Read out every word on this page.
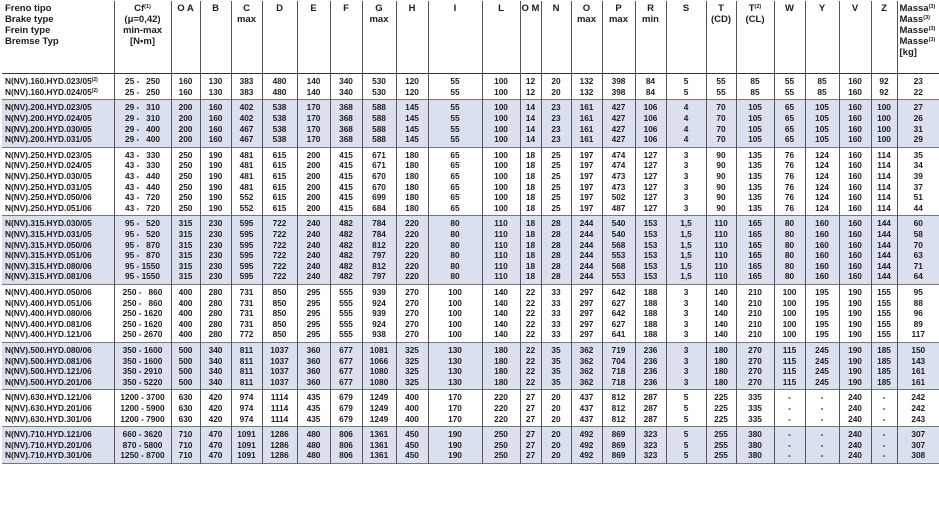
Freno tipo
Brake type
Frein type
Bremse Typ	Cf$^{(1)}$
(μ=0,42)
min-max
[N•m]	O A	B	C
max	D	E	F	G
max	H	I	L	O M	N	O
max	P
max	R
min	S	T
(CD)	$T^{(2)}$
(CL)	W	Y	V	Z	Massa$^{(3)}$
Mass$^{(3)}$
Masse$^{(3)}$
Masse$^{(3)}$
[kg]

N(NV).160.HYD.023/05$^{(2)}$	25 -   250	160	130	383	480	140	340	530	120	55	100	12	20	132	398	84	5	55	85	55	85	160	92	23
N(NV).160.HYD.024/05$^{(2)}$	25 -   250	160	130	383	480	140	340	530	120	55	100	12	20	132	398	84	5	55	85	55	85	160	92	22
N(NV).200.HYD.023/05	29 -   310	200	160	402	538	170	368	588	145	55	100	14	23	161	427	106	4	70	105	65	105	160	100	27
N(NV).200.HYD.024/05	29 -   310	200	160	402	538	170	368	588	145	55	100	14	23	161	427	106	4	70	105	65	105	160	100	26
N(NV).200.HYD.030/05	29 -   400	200	160	467	538	170	368	588	145	55	100	14	23	161	427	106	4	70	105	65	105	160	100	31
N(NV).200.HYD.031/05	29 -   400	200	160	467	538	170	368	588	145	55	100	14	23	161	427	106	4	70	105	65	105	160	100	29
N(NV).250.HYD.023/05	43 -   330	250	190	481	615	200	415	671	180	65	100	18	25	197	474	127	3	90	135	76	124	160	114	35
N(NV).250.HYD.024/05	43 -   330	250	190	481	615	200	415	671	180	65	100	18	25	197	474	127	3	90	135	76	124	160	114	34
N(NV).250.HYD.030/05	43 -   440	250	190	481	615	200	415	670	180	65	100	18	25	197	473	127	3	90	135	76	124	160	114	39
N(NV).250.HYD.031/05	43 -   440	250	190	481	615	200	415	670	180	65	100	18	25	197	473	127	3	90	135	76	124	160	114	37
N(NV).250.HYD.050/06	43 -   720	250	190	552	615	200	415	699	180	65	100	18	25	197	502	127	3	90	135	76	124	160	114	51
N(NV).250.HYD.051/06	43 -   720	250	190	552	615	200	415	684	180	65	100	18	25	197	487	127	3	90	135	76	124	160	114	44
N(NV).315.HYD.030/05	95 -   520	315	230	595	722	240	482	784	220	80	110	18	28	244	540	153	1,5	110	165	80	160	160	144	60
N(NV).315.HYD.031/05	95 -   520	315	230	595	722	240	482	784	220	80	110	18	28	244	540	153	1,5	110	165	80	160	160	144	58
N(NV).315.HYD.050/06	95 -   870	315	230	595	722	240	482	812	220	80	110	18	28	244	568	153	1,5	110	165	80	160	160	144	70
N(NV).315.HYD.051/06	95 -   870	315	230	595	722	240	482	797	220	80	110	18	28	244	553	153	1,5	110	165	80	160	160	144	63
N(NV).315.HYD.080/06	95 - 1550	315	230	595	722	240	482	812	220	80	110	18	28	244	568	153	1,5	110	165	80	160	160	144	71
N(NV).315.HYD.081/06	95 - 1550	315	230	595	722	240	482	797	220	80	110	18	28	244	553	153	1,5	110	165	80	160	160	144	64
N(NV).400.HYD.050/06	250 -   860	400	280	731	850	295	555	939	270	100	140	22	33	297	642	188	3	140	210	100	195	190	155	95
N(NV).400.HYD.051/06	250 -   860	400	280	731	850	295	555	924	270	100	140	22	33	297	627	188	3	140	210	100	195	190	155	88
N(NV).400.HYD.080/06	250 - 1620	400	280	731	850	295	555	939	270	100	140	22	33	297	642	188	3	140	210	100	195	190	155	96
N(NV).400.HYD.081/06	250 - 1620	400	280	731	850	295	555	924	270	100	140	22	33	297	627	188	3	140	210	100	195	190	155	89
N(NV).400.HYD.121/06	250 - 2670	400	280	772	850	295	555	938	270	100	140	22	33	297	641	188	3	140	210	100	195	190	155	117
N(NV).500.HYD.080/06	350 - 1600	500	340	811	1037	360	677	1081	325	130	180	22	35	362	719	236	3	180	270	115	245	190	185	150
N(NV).500.HYD.081/06	350 - 1600	500	340	811	1037	360	677	1066	325	130	180	22	35	362	704	236	3	180	270	115	245	190	185	143
N(NV).500.HYD.121/06	350 - 2910	500	340	811	1037	360	677	1080	325	130	180	22	35	362	718	236	3	180	270	115	245	190	185	161
N(NV).500.HYD.201/06	350 - 5220	500	340	811	1037	360	677	1080	325	130	180	22	35	362	718	236	3	180	270	115	245	190	185	161
N(NV).630.HYD.121/06	1200 - 3700	630	420	974	1114	435	679	1249	400	170	220	27	20	437	812	287	5	225	335	-	-	240	-	242
N(NV).630.HYD.201/06	1200 - 5900	630	420	974	1114	435	679	1249	400	170	220	27	20	437	812	287	5	225	335	-	-	240	-	242
N(NV).630.HYD.301/06	1200 - 7900	630	420	974	1114	435	679	1249	400	170	220	27	20	437	812	287	5	225	335	-	-	240	-	243
N(NV).710.HYD.121/06	660 - 3620	710	470	1091	1286	480	806	1361	450	190	250	27	20	492	869	323	5	255	380	-	-	240	-	307
N(NV).710.HYD.201/06	870 - 5800	710	470	1091	1286	480	806	1361	450	190	250	27	20	492	869	323	5	255	380	-	-	240	-	307
N(NV).710.HYD.301/06	1250 - 8700	710	470	1091	1286	480	806	1361	450	190	250	27	20	492	869	323	5	255	380	-	-	240	-	308
